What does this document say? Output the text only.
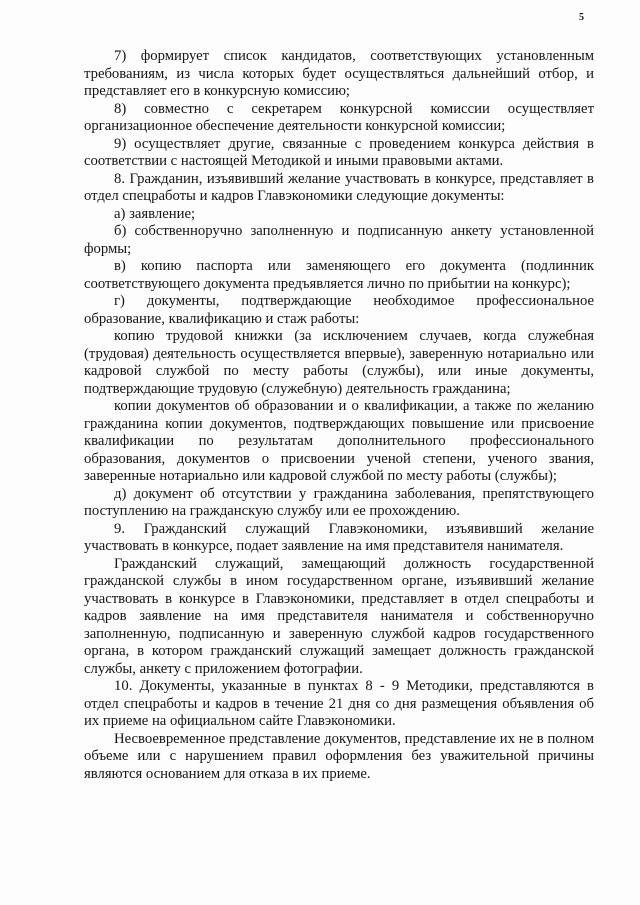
5

7) формирует список кандидатов, соответствующих установленным требованиям, из числа которых будет осуществляться дальнейший отбор, и представляет его в конкурсную комиссию;

8) совместно с секретарем конкурсной комиссии осуществляет организационное обеспечение деятельности конкурсной комиссии;

9) осуществляет другие, связанные с проведением конкурса действия в соответствии с настоящей Методикой и иными правовыми актами.

8. Гражданин, изъявивший желание участвовать в конкурсе, представляет в отдел спецработы и кадров Главэкономики следующие документы:

а) заявление;

б) собственноручно заполненную и подписанную анкету установленной формы;

в) копию паспорта или заменяющего его документа (подлинник соответствующего документа предъявляется лично по прибытии на конкурс);

г) документы, подтверждающие необходимое профессиональное образование, квалификацию и стаж работы:

копию трудовой книжки (за исключением случаев, когда служебная (трудовая) деятельность осуществляется впервые), заверенную нотариально или кадровой службой по месту работы (службы), или иные документы, подтверждающие трудовую (служебную) деятельность гражданина;

копии документов об образовании и о квалификации, а также по желанию гражданина копии документов, подтверждающих повышение или присвоение квалификации по результатам дополнительного профессионального образования, документов о присвоении ученой степени, ученого звания, заверенные нотариально или кадровой службой по месту работы (службы);

д) документ об отсутствии у гражданина заболевания, препятствующего поступлению на гражданскую службу или ее прохождению.

9. Гражданский служащий Главэкономики, изъявивший желание участвовать в конкурсе, подает заявление на имя представителя нанимателя.

Гражданский служащий, замещающий должность государственной гражданской службы в ином государственном органе, изъявивший желание участвовать в конкурсе в Главэкономики, представляет в отдел спецработы и кадров заявление на имя представителя нанимателя и собственноручно заполненную, подписанную и заверенную службой кадров государственного органа, в котором гражданский служащий замещает должность гражданской службы, анкету с приложением фотографии.

10. Документы, указанные в пунктах 8 - 9 Методики, представляются в отдел спецработы и кадров в течение 21 дня со дня размещения объявления об их приеме на официальном сайте Главэкономики.

Несвоевременное представление документов, представление их не в полном объеме или с нарушением правил оформления без уважительной причины являются основанием для отказа в их приеме.
